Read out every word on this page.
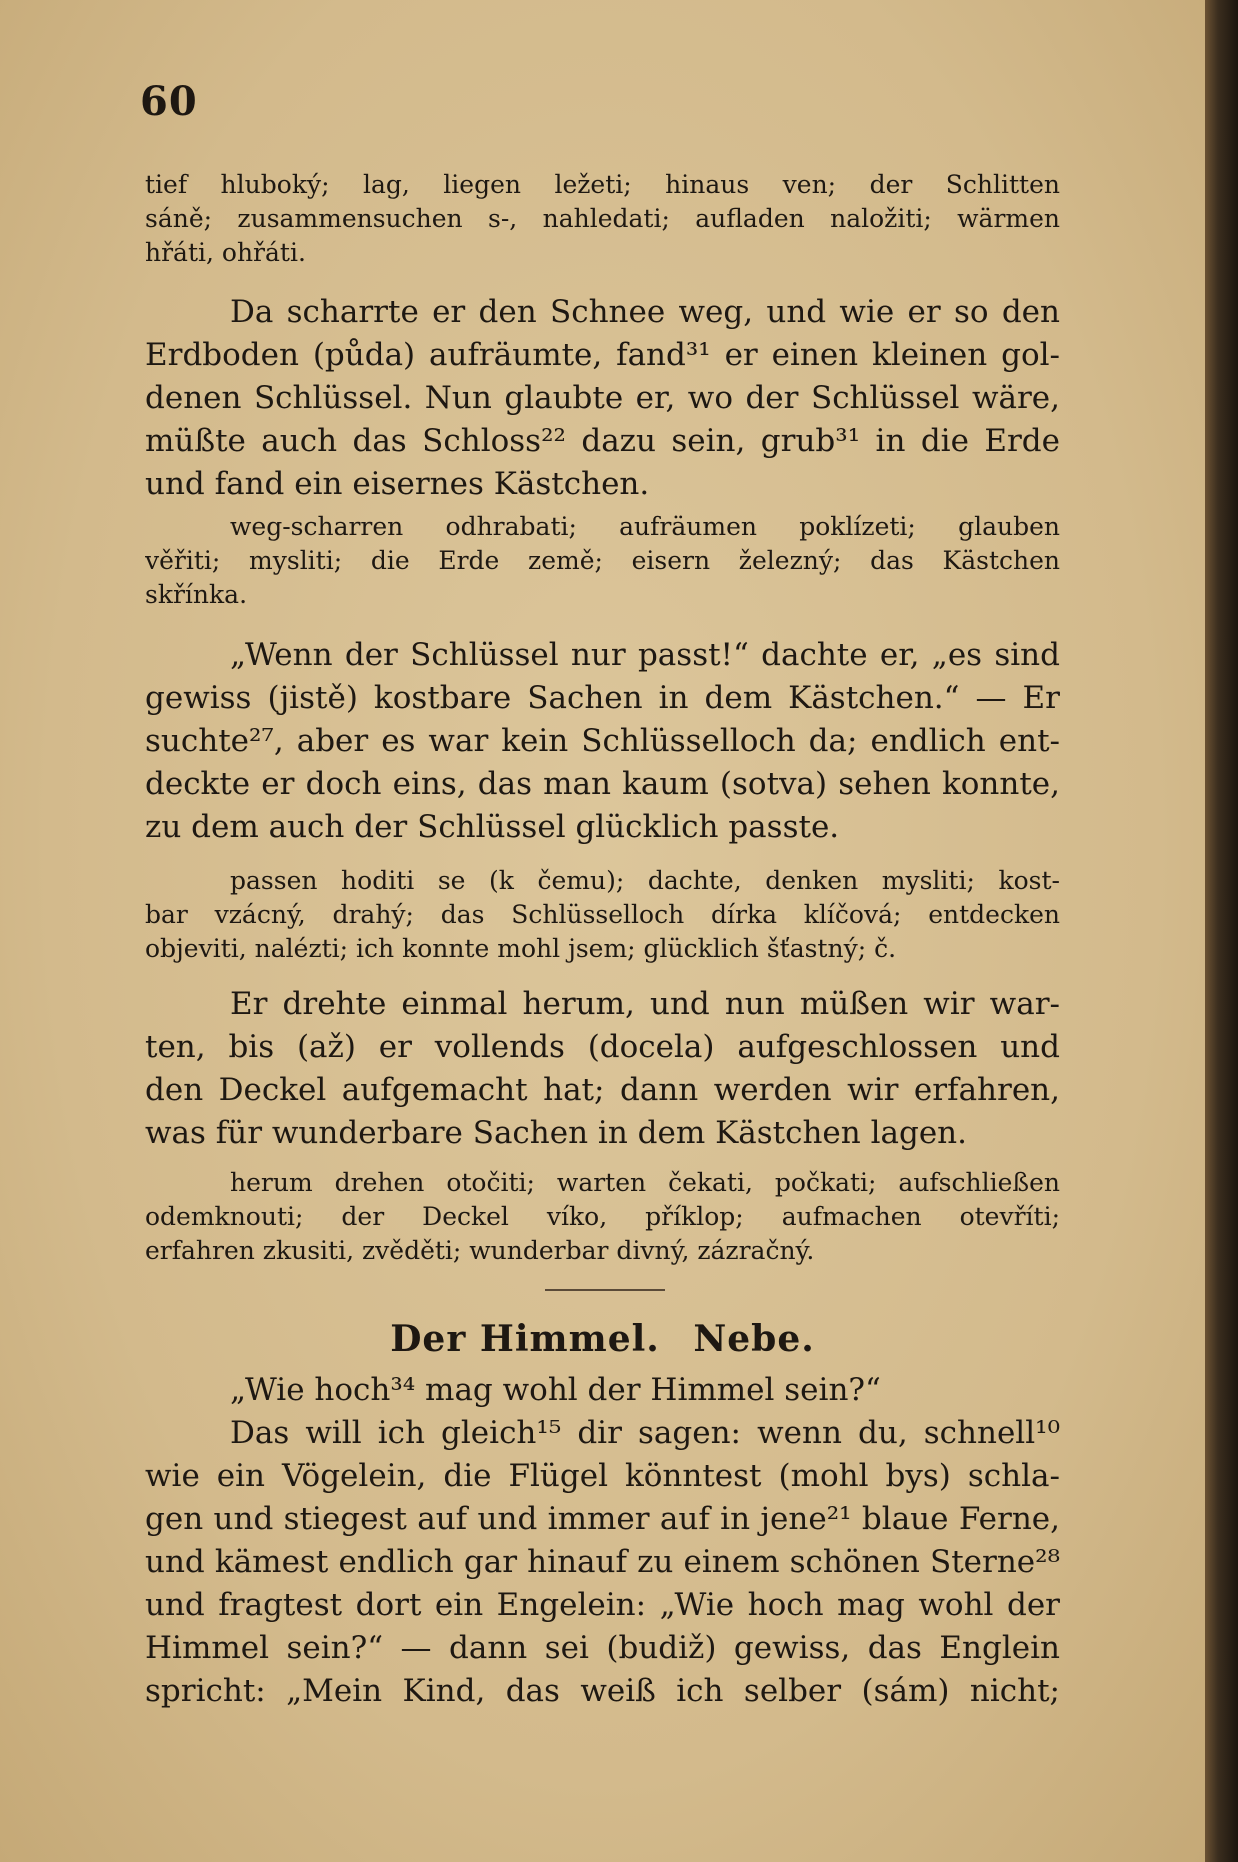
60
tief hluboký; lag, liegen ležeti; hinaus ven; der Schlitten
sáně; zusammensuchen s-, nahledati; aufladen naložiti; wärmen
hřáti, ohřáti.
Da scharrte er den Schnee weg, und wie er so den
Erdboden (půda) aufräumte, fand³¹ er einen kleinen gol-
denen Schlüssel. Nun glaubte er, wo der Schlüssel wäre,
müßte auch das Schloss²² dazu sein, grub³¹ in die Erde
und fand ein eisernes Kästchen.
weg-scharren odhrabati; aufräumen poklízeti; glauben
věřiti; mysliti; die Erde země; eisern železný; das Kästchen
skřínka.
„Wenn der Schlüssel nur passt!“ dachte er, „es sind
gewiss (jistě) kostbare Sachen in dem Kästchen.“ — Er
suchte²⁷, aber es war kein Schlüsselloch da; endlich ent-
deckte er doch eins, das man kaum (sotva) sehen konnte,
zu dem auch der Schlüssel glücklich passte.
passen hoditi se (k čemu); dachte, denken mysliti; kost-
bar vzácný, drahý; das Schlüsselloch dírka klíčová; entdecken
objeviti, nalézti; ich konnte mohl jsem; glücklich šťastný; č.
Er drehte einmal herum, und nun müßen wir war-
ten, bis (až) er vollends (docela) aufgeschlossen und
den Deckel aufgemacht hat; dann werden wir erfahren,
was für wunderbare Sachen in dem Kästchen lagen.
herum drehen otočiti; warten čekati, počkati; aufschließen
odemknouti; der Deckel víko, příklop; aufmachen otevříti;
erfahren zkusiti, zvěděti; wunderbar divný, zázračný.
Der Himmel. Nebe.
„Wie hoch³⁴ mag wohl der Himmel sein?“
Das will ich gleich¹⁵ dir sagen: wenn du, schnell¹⁰
wie ein Vögelein, die Flügel könntest (mohl bys) schla-
gen und stiegest auf und immer auf in jene²¹ blaue Ferne,
und kämest endlich gar hinauf zu einem schönen Sterne²⁸
und fragtest dort ein Engelein: „Wie hoch mag wohl der
Himmel sein?“ — dann sei (budiž) gewiss, das Englein
spricht: „Mein Kind, das weiß ich selber (sám) nicht;
